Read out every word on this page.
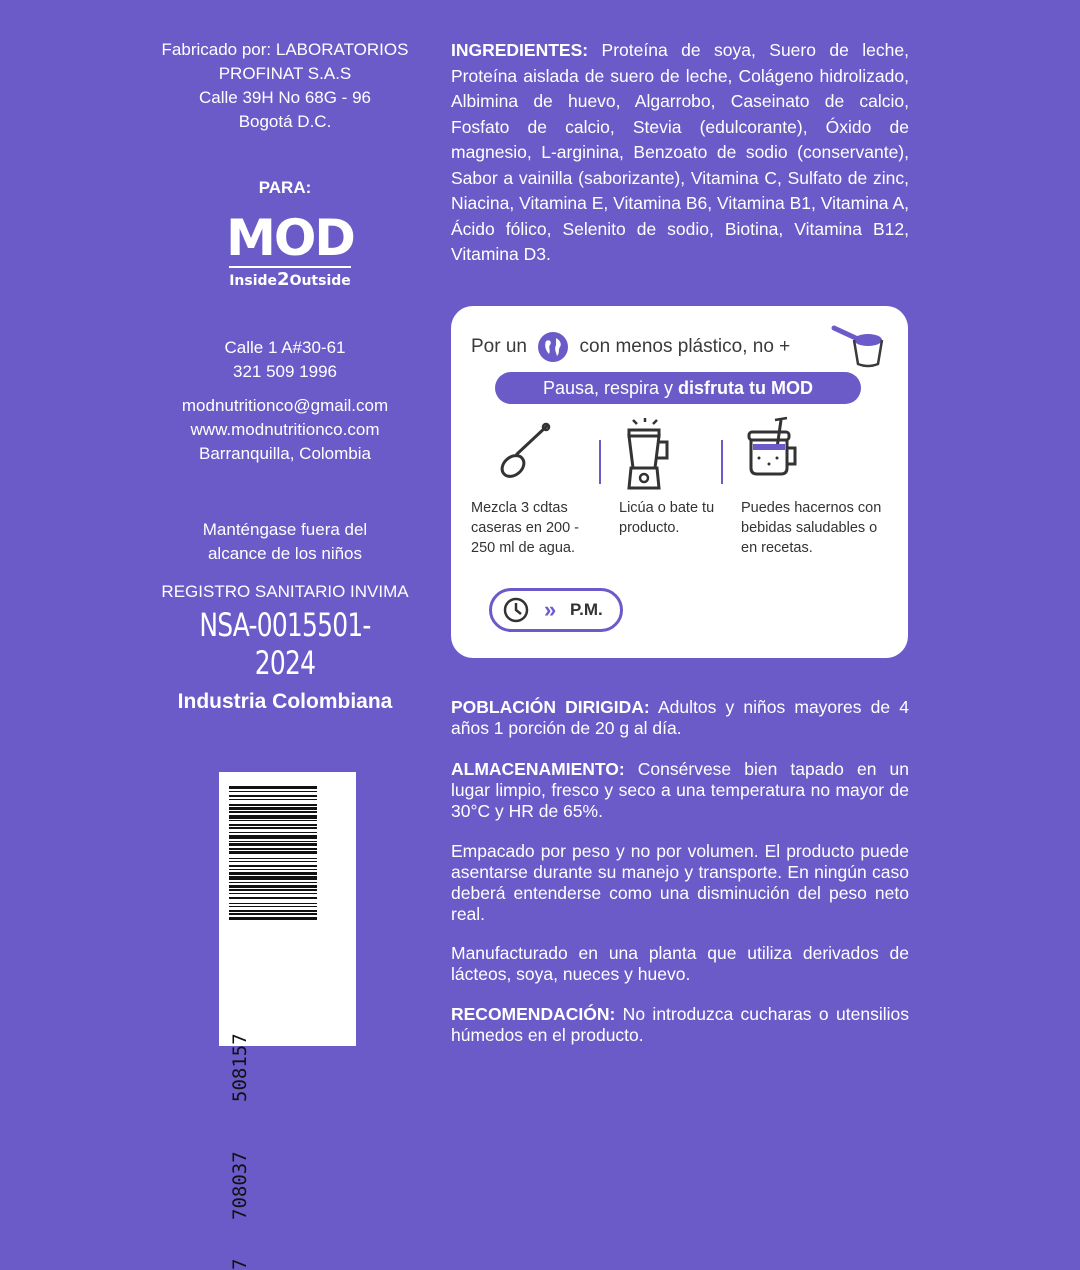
Fabricado por: LABORATORIOS
PROFINAT S.A.S
Calle 39H No 68G - 96
Bogotá D.C.
PARA:
MOD
Inside2Outside
Calle 1 A#30-61
321 509 1996
modnutritionco@gmail.com
www.modnutritionco.com
Barranquilla, Colombia
Manténgase fuera del
alcance de los niños
REGISTRO SANITARIO INVIMA
NSA-0015501-2024
Industria Colombiana
7
708037
508157
INGREDIENTES: Proteína de soya, Suero de leche, Proteína aislada de suero de leche, Colágeno hidrolizado, Albimina de huevo, Algarrobo, Caseinato de calcio, Fosfato de calcio, Stevia (edulcorante), Óxido de magnesio, L-arginina, Benzoato de sodio (conservante), Sabor a vainilla (saborizante), Vitamina C, Sulfato de zinc, Niacina, Vitamina E, Vitamina B6, Vitamina B1, Vitamina A, Ácido fólico, Selenito de sodio, Biotina, Vitamina B12, Vitamina D3.
Por un	con menos plástico, no +
Pausa, respira y disfruta tu MOD
Mezcla 3 cdtas caseras en 200 - 250 ml de agua.
Licúa o bate tu producto.
Puedes hacernos con bebidas saludables o en recetas.
» P.M.
POBLACIÓN DIRIGIDA: Adultos y niños mayores de 4 años 1 porción de 20 g al día.
ALMACENAMIENTO: Consérvese bien tapado en un lugar limpio, fresco y seco a una temperatura no mayor de 30°C y HR de 65%.
Empacado por peso y no por volumen. El producto puede asentarse durante su manejo y transporte. En ningún caso deberá entenderse como una disminución del peso neto real.
Manufacturado en una planta que utiliza derivados de lácteos, soya, nueces y huevo.
RECOMENDACIÓN: No introduzca cucharas o utensilios húmedos en el producto.
